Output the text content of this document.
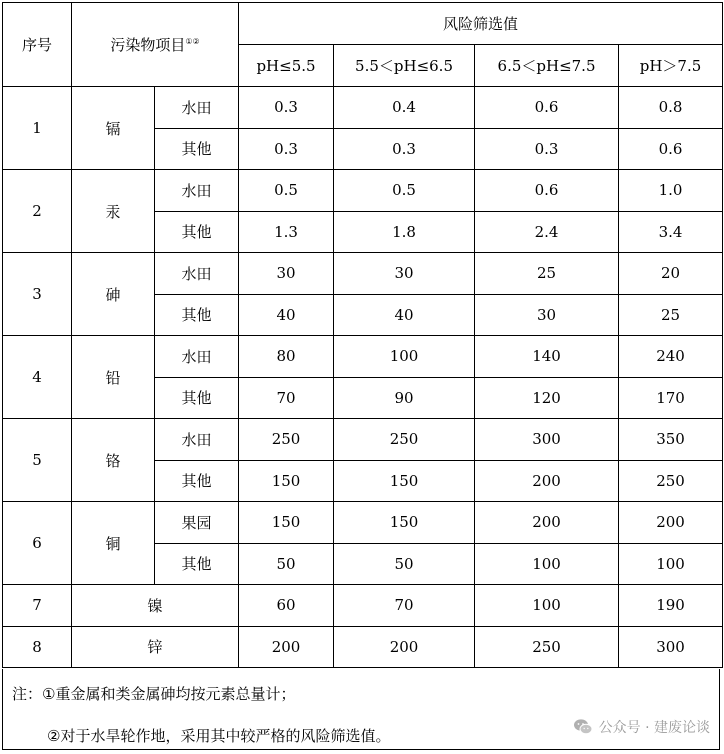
序号	污染物项目①②		风险筛选值			
			pH≤5.5	5.5＜pH≤6.5	6.5＜pH≤7.5	pH＞7.5
1	镉	水田	0.3	0.4	0.6	0.8
		其他	0.3	0.3	0.3	0.6
2	汞	水田	0.5	0.5	0.6	1.0
		其他	1.3	1.8	2.4	3.4
3	砷	水田	30	30	25	20
		其他	40	40	30	25
4	铅	水田	80	100	140	240
		其他	70	90	120	170
5	铬	水田	250	250	300	350
		其他	150	150	200	250
6	铜	果园	150	150	200	200
		其他	50	50	100	100
7	镍		60	70	100	190
8	锌		200	200	250	300
注：①重金属和类金属砷均按元素总量计；
②对于水旱轮作地，采用其中较严格的风险筛选值。	公众号 · 建废论谈
